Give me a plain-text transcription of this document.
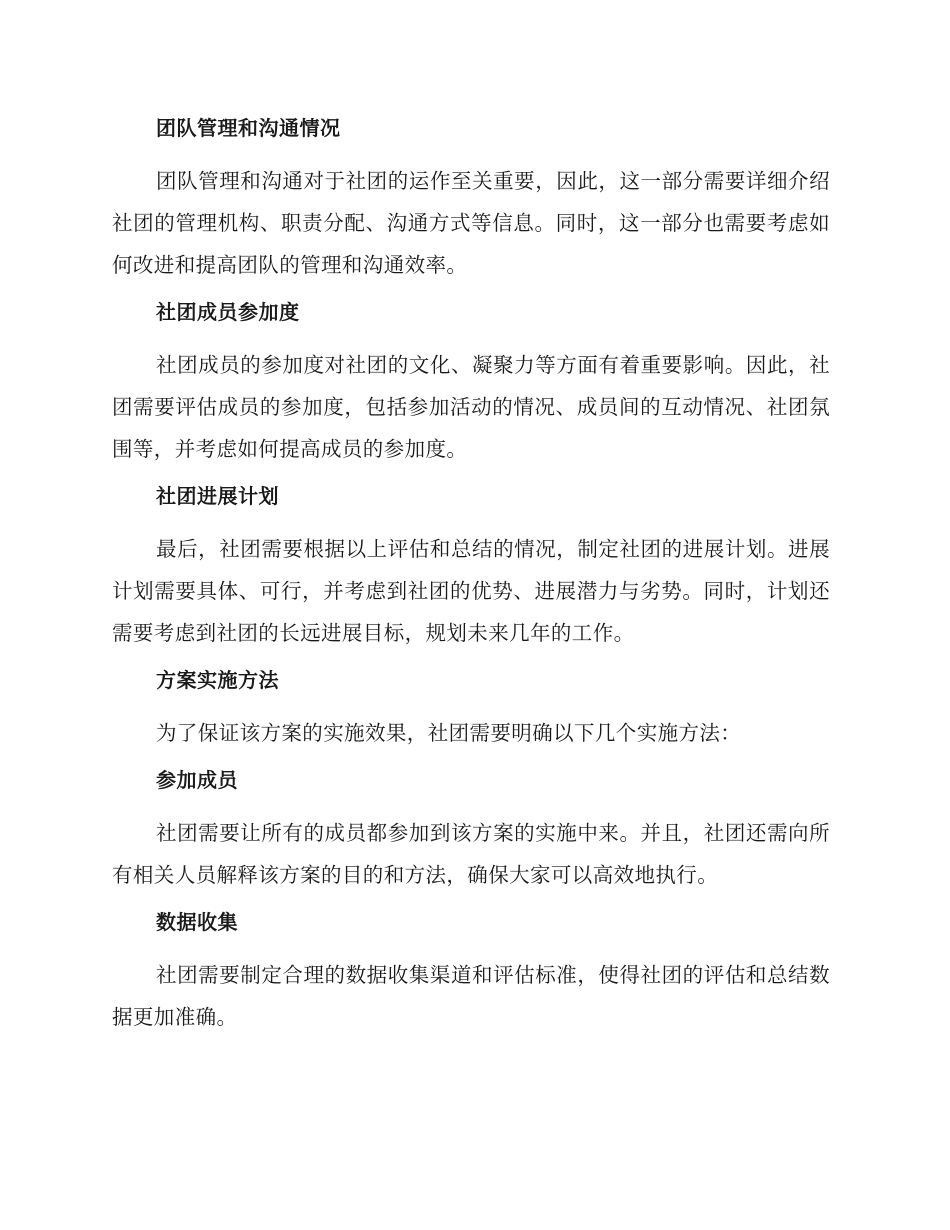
团队管理和沟通情况

团队管理和沟通对于社团的运作至关重要，因此，这一部分需要详细介绍社团的管理机构、职责分配、沟通方式等信息。同时，这一部分也需要考虑如何改进和提高团队的管理和沟通效率。

社团成员参加度

社团成员的参加度对社团的文化、凝聚力等方面有着重要影响。因此，社团需要评估成员的参加度，包括参加活动的情况、成员间的互动情况、社团氛围等，并考虑如何提高成员的参加度。

社团进展计划

最后，社团需要根据以上评估和总结的情况，制定社团的进展计划。进展计划需要具体、可行，并考虑到社团的优势、进展潜力与劣势。同时，计划还需要考虑到社团的长远进展目标，规划未来几年的工作。

方案实施方法

为了保证该方案的实施效果，社团需要明确以下几个实施方法：

参加成员

社团需要让所有的成员都参加到该方案的实施中来。并且，社团还需向所有相关人员解释该方案的目的和方法，确保大家可以高效地执行。

数据收集

社团需要制定合理的数据收集渠道和评估标准，使得社团的评估和总结数据更加准确。
